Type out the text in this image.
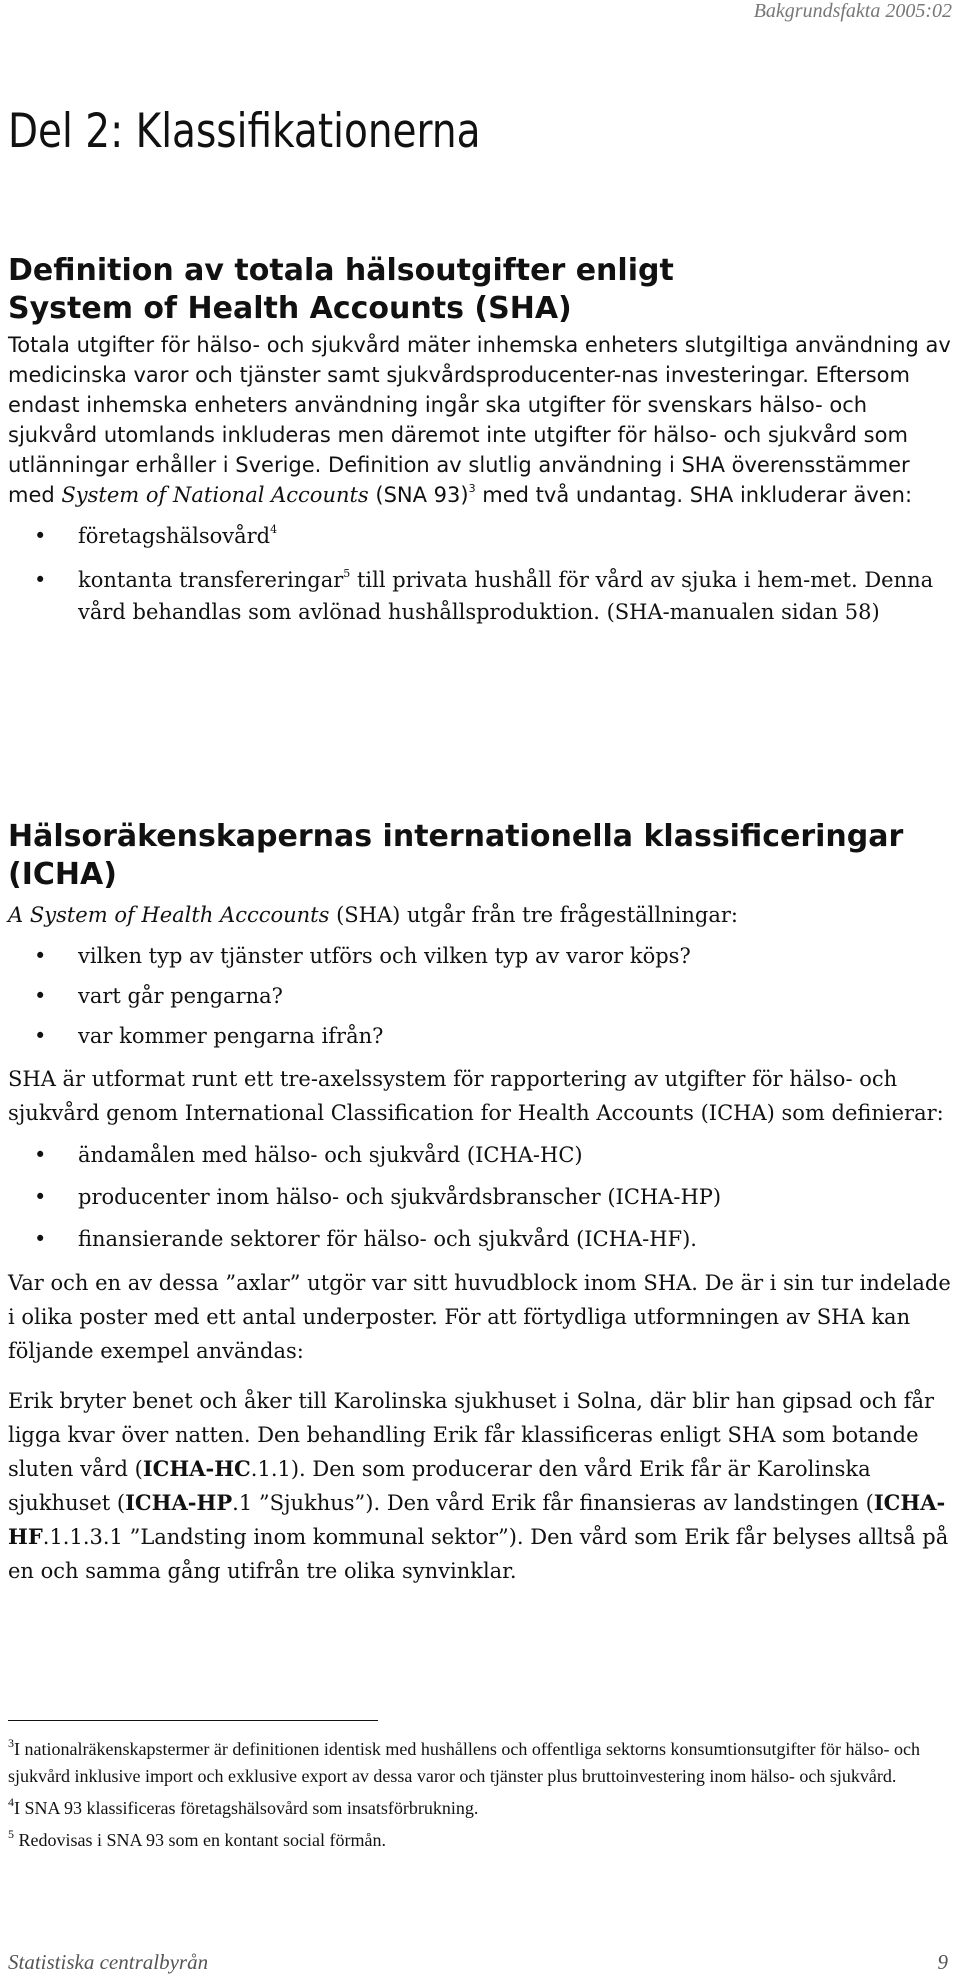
Bakgrundsfakta 2005:02
Del 2: Klassifikationerna
Definition av totala hälsoutgifter enligt System of Health Accounts (SHA)

Totala utgifter för hälso- och sjukvård mäter inhemska enheters slutgiltiga användning av medicinska varor och tjänster samt sjukvårdsproducenter-nas investeringar. Eftersom endast inhemska enheters användning ingår ska utgifter för svenskars hälso- och sjukvård utomlands inkluderas men däremot inte utgifter för hälso- och sjukvård som utlänningar erhåller i Sverige. Definition av slutlig användning i SHA överensstämmer med System of National Accounts (SNA 93)$^3$ med två undantag. SHA inkluderar även:

• företagshälsovård$^4$
• kontanta transfereringar$^5$ till privata hushåll för vård av sjuka i hem-met. Denna vård behandlas som avlönad hushållsproduktion. (SHA-manualen sidan 58)
Hälsoräkenskapernas internationella klassificeringar (ICHA)

A System of Health Acccounts (SHA) utgår från tre frågeställningar:

• vilken typ av tjänster utförs och vilken typ av varor köps?
• vart går pengarna?
• var kommer pengarna ifrån?

SHA är utformat runt ett tre-axelssystem för rapportering av utgifter för hälso- och sjukvård genom International Classification for Health Accounts (ICHA) som definierar:

• ändamålen med hälso- och sjukvård (ICHA-HC)
• producenter inom hälso- och sjukvårdsbranscher (ICHA-HP)
• finansierande sektorer för hälso- och sjukvård (ICHA-HF).

Var och en av dessa ”axlar” utgör var sitt huvudblock inom SHA. De är i sin tur indelade i olika poster med ett antal underposter. För att förtydliga utformningen av SHA kan följande exempel användas:

Erik bryter benet och åker till Karolinska sjukhuset i Solna, där blir han gipsad och får ligga kvar över natten. Den behandling Erik får klassificeras enligt SHA som botande sluten vård (ICHA-HC.1.1). Den som producerar den vård Erik får är Karolinska sjukhuset (ICHA-HP.1 ”Sjukhus”). Den vård Erik får finansieras av landstingen (ICHA-HF.1.1.3.1 ”Landsting inom kommunal sektor”). Den vård som Erik får belyses alltså på en och samma gång utifrån tre olika synvinklar.

$^3$I nationalräkenskapstermer är definitionen identisk med hushållens och offentliga sektorns konsumtionsutgifter för hälso- och sjukvård inklusive import och exklusive export av dessa varor och tjänster plus bruttoinvestering inom hälso- och sjukvård.

$^4$I SNA 93 klassificeras företagshälsovård som insatsförbrukning.

$^5$ Redovisas i SNA 93 som en kontant social förmån.

Statistiska centralbyrån	9
